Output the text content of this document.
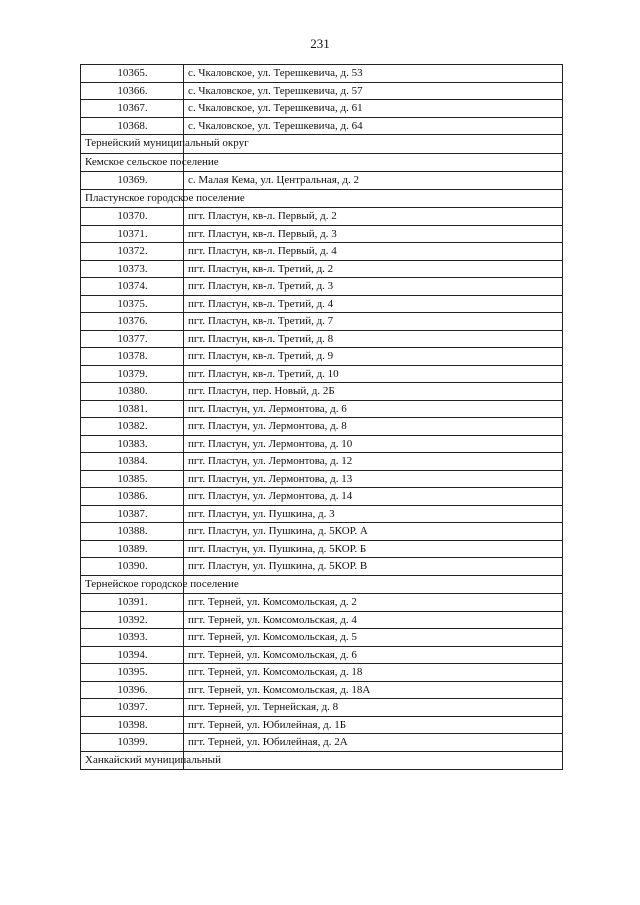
231
10365.	с. Чкаловское, ул. Терешкевича, д. 53
10366.	с. Чкаловское, ул. Терешкевича, д. 57
10367.	с. Чкаловское, ул. Терешкевича, д. 61
10368.	с. Чкаловское, ул. Терешкевича, д. 64
Тернейский муниципальный округ	
Кемское сельское поселение	
10369.	с. Малая Кема, ул. Центральная, д. 2
Пластунское городское поселение	
10370.	пгт. Пластун, кв-л. Первый, д. 2
10371.	пгт. Пластун, кв-л. Первый, д. 3
10372.	пгт. Пластун, кв-л. Первый, д. 4
10373.	пгт. Пластун, кв-л. Третий, д. 2
10374.	пгт. Пластун, кв-л. Третий, д. 3
10375.	пгт. Пластун, кв-л. Третий, д. 4
10376.	пгт. Пластун, кв-л. Третий, д. 7
10377.	пгт. Пластун, кв-л. Третий, д. 8
10378.	пгт. Пластун, кв-л. Третий, д. 9
10379.	пгт. Пластун, кв-л. Третий, д. 10
10380.	пгт. Пластун, пер. Новый, д. 2Б
10381.	пгт. Пластун, ул. Лермонтова, д. 6
10382.	пгт. Пластун, ул. Лермонтова, д. 8
10383.	пгт. Пластун, ул. Лермонтова, д. 10
10384.	пгт. Пластун, ул. Лермонтова, д. 12
10385.	пгт. Пластун, ул. Лермонтова, д. 13
10386.	пгт. Пластун, ул. Лермонтова, д. 14
10387.	пгт. Пластун, ул. Пушкина, д. 3
10388.	пгт. Пластун, ул. Пушкина, д. 5КОР. А
10389.	пгт. Пластун, ул. Пушкина, д. 5КОР. Б
10390.	пгт. Пластун, ул. Пушкина, д. 5КОР. В
Тернейское городское поселение	
10391.	пгт. Терней, ул. Комсомольская, д. 2
10392.	пгт. Терней, ул. Комсомольская, д. 4
10393.	пгт. Терней, ул. Комсомольская, д. 5
10394.	пгт. Терней, ул. Комсомольская, д. 6
10395.	пгт. Терней, ул. Комсомольская, д. 18
10396.	пгт. Терней, ул. Комсомольская, д. 18А
10397.	пгт. Терней, ул. Тернейская, д. 8
10398.	пгт. Терней, ул. Юбилейная, д. 1Б
10399.	пгт. Терней, ул. Юбилейная, д. 2А
Ханкайский муниципальный	
